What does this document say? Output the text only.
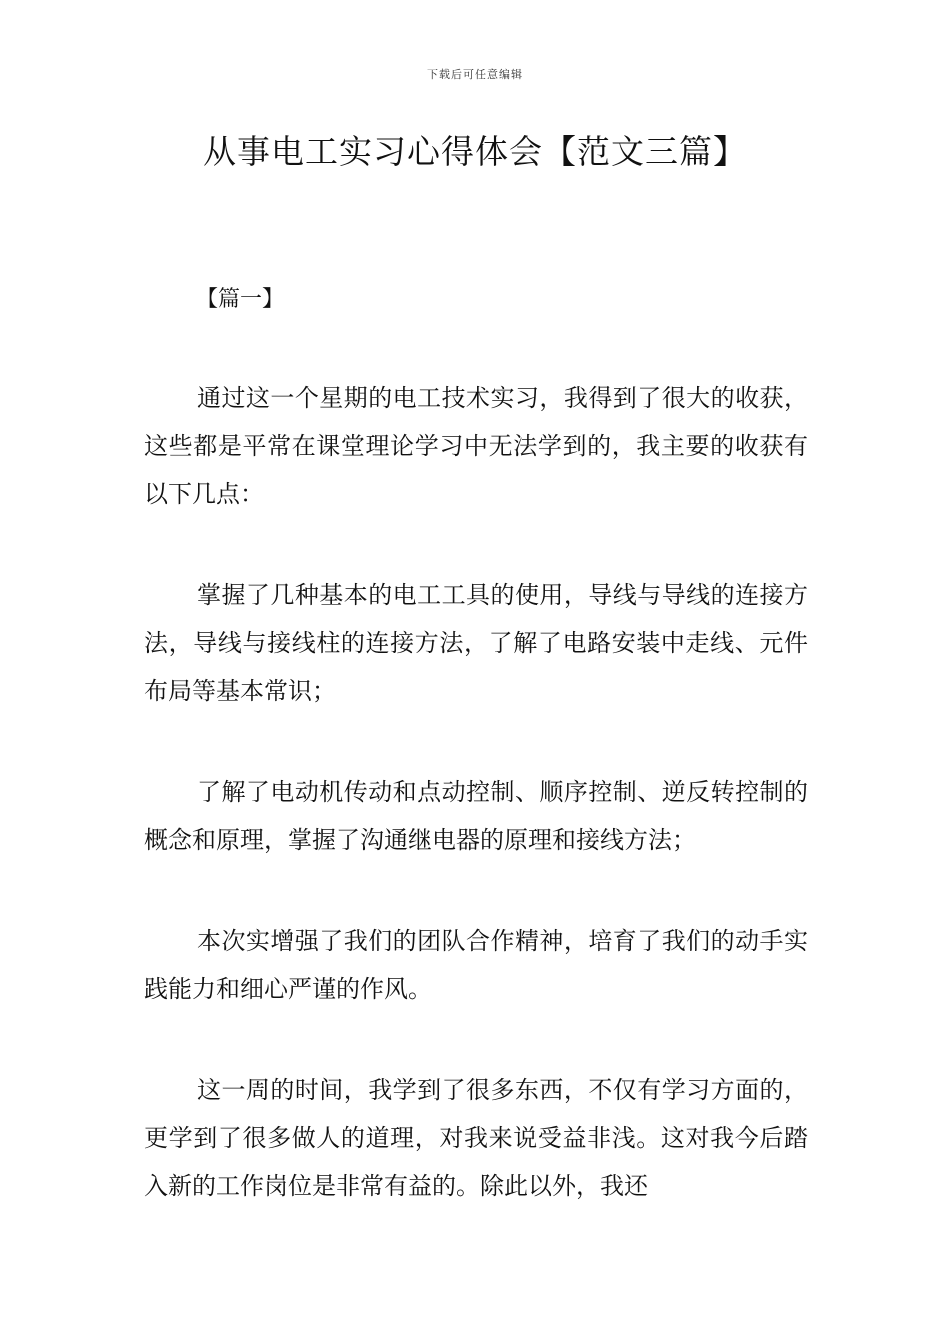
下载后可任意编辑
从事电工实习心得体会【范文三篇】
【篇一】

通过这一个星期的电工技术实习，我得到了很大的收获，这些都是平常在课堂理论学习中无法学到的，我主要的收获有以下几点：

掌握了几种基本的电工工具的使用，导线与导线的连接方法，导线与接线柱的连接方法，了解了电路安装中走线、元件布局等基本常识；

了解了电动机传动和点动控制、顺序控制、逆反转控制的概念和原理，掌握了沟通继电器的原理和接线方法；

本次实增强了我们的团队合作精神，培育了我们的动手实践能力和细心严谨的作风。

这一周的时间，我学到了很多东西，不仅有学习方面的，更学到了很多做人的道理，对我来说受益非浅。这对我今后踏入新的工作岗位是非常有益的。除此以外，我还
